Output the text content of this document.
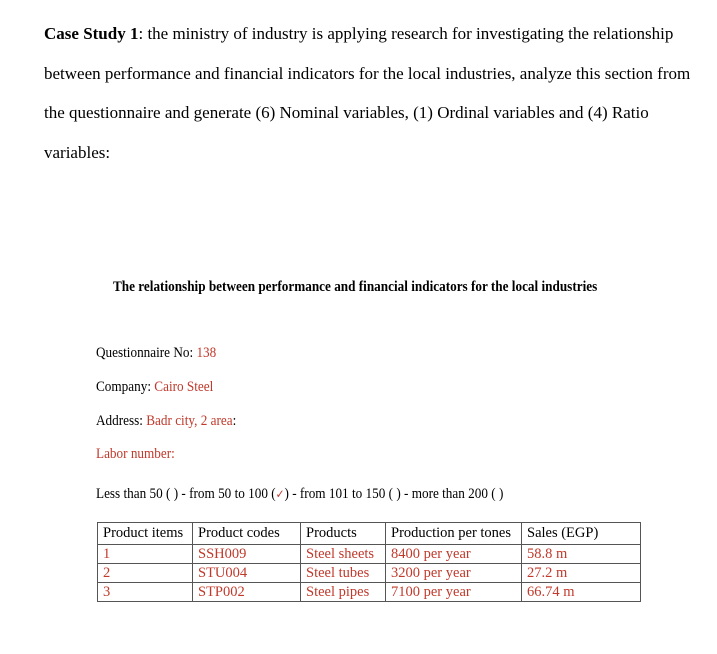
Case Study 1: the ministry of industry is applying research for investigating the relationship
between performance and financial indicators for the local industries, analyze this section from
the questionnaire and generate (6) Nominal variables, (1) Ordinal variables and (4) Ratio
variables:
The relationship between performance and financial indicators for the local industries
Questionnaire No: 138
Company: Cairo Steel
Address: Badr city, 2 area:
Labor number:
Less than 50 ( ) - from 50 to 100 (✓) - from 101 to 150 ( ) - more than 200 ( )
Product items	Product codes	Products	Production per tones	Sales (EGP)
1	SSH009	Steel sheets	8400 per year	58.8 m
2	STU004	Steel tubes	3200 per year	27.2 m
3	STP002	Steel pipes	7100 per year	66.74 m
